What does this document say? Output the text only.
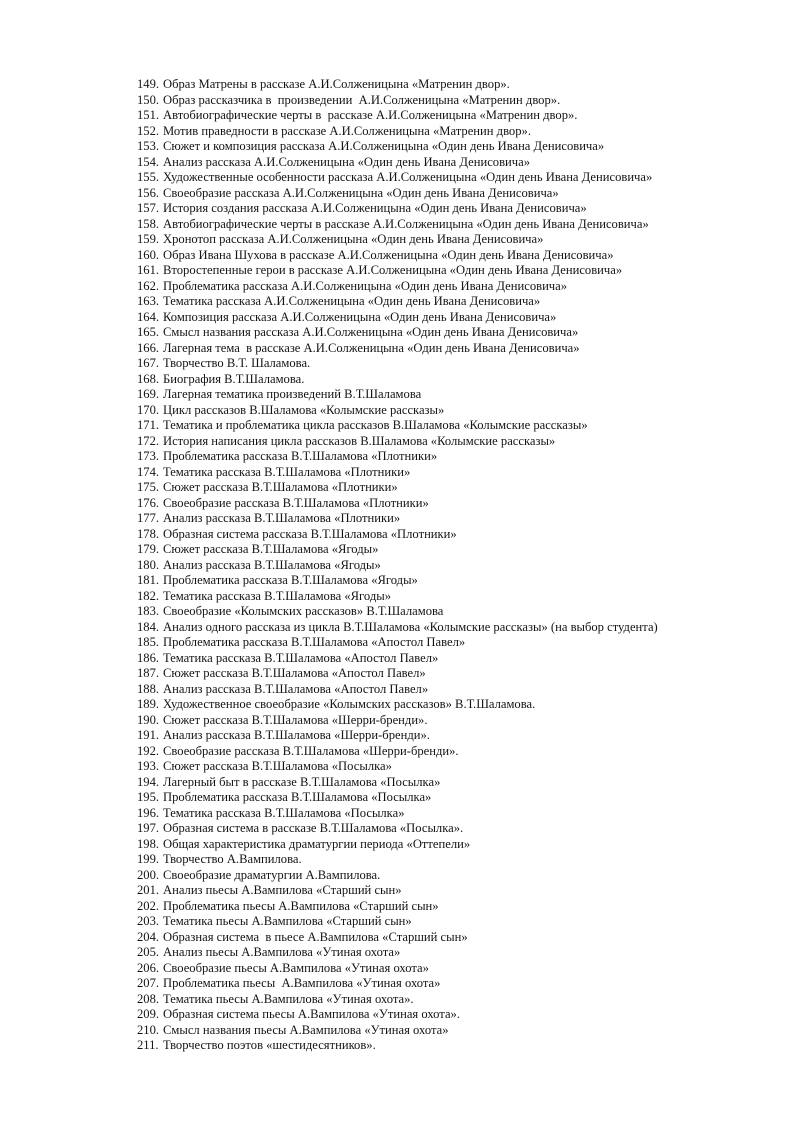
149. Образ Матрены в рассказе А.И.Солженицына «Матренин двор».
150. Образ рассказчика в  произведении  А.И.Солженицына «Матренин двор».
151. Автобиографические черты в  рассказе А.И.Солженицына «Матренин двор».
152. Мотив праведности в рассказе А.И.Солженицына «Матренин двор».
153. Сюжет и композиция рассказа А.И.Солженицына «Один день Ивана Денисовича»
154. Анализ рассказа А.И.Солженицына «Один день Ивана Денисовича»
155. Художественные особенности рассказа А.И.Солженицына «Один день Ивана Денисовича»
156. Своеобразие рассказа А.И.Солженицына «Один день Ивана Денисовича»
157. История создания рассказа А.И.Солженицына «Один день Ивана Денисовича»
158. Автобиографические черты в рассказе А.И.Солженицына «Один день Ивана Денисовича»
159. Хронотоп рассказа А.И.Солженицына «Один день Ивана Денисовича»
160. Образ Ивана Шухова в рассказе А.И.Солженицына «Один день Ивана Денисовича»
161. Второстепенные герои в рассказе А.И.Солженицына «Один день Ивана Денисовича»
162. Проблематика рассказа А.И.Солженицына «Один день Ивана Денисовича»
163. Тематика рассказа А.И.Солженицына «Один день Ивана Денисовича»
164. Композиция рассказа А.И.Солженицына «Один день Ивана Денисовича»
165. Смысл названия рассказа А.И.Солженицына «Один день Ивана Денисовича»
166. Лагерная тема  в рассказе А.И.Солженицына «Один день Ивана Денисовича»
167. Творчество В.Т. Шаламова.
168. Биография В.Т.Шаламова.
169. Лагерная тематика произведений В.Т.Шаламова
170. Цикл рассказов В.Шаламова «Колымские рассказы»
171. Тематика и проблематика цикла рассказов В.Шаламова «Колымские рассказы»
172. История написания цикла рассказов В.Шаламова «Колымские рассказы»
173. Проблематика рассказа В.Т.Шаламова «Плотники»
174. Тематика рассказа В.Т.Шаламова «Плотники»
175. Сюжет рассказа В.Т.Шаламова «Плотники»
176. Своеобразие рассказа В.Т.Шаламова «Плотники»
177. Анализ рассказа В.Т.Шаламова «Плотники»
178. Образная система рассказа В.Т.Шаламова «Плотники»
179. Сюжет рассказа В.Т.Шаламова «Ягоды»
180. Анализ рассказа В.Т.Шаламова «Ягоды»
181. Проблематика рассказа В.Т.Шаламова «Ягоды»
182. Тематика рассказа В.Т.Шаламова «Ягоды»
183. Своеобразие «Колымских рассказов» В.Т.Шаламова
184. Анализ одного рассказа из цикла В.Т.Шаламова «Колымские рассказы» (на выбор студента)
185. Проблематика рассказа В.Т.Шаламова «Апостол Павел»
186. Тематика рассказа В.Т.Шаламова «Апостол Павел»
187. Сюжет рассказа В.Т.Шаламова «Апостол Павел»
188. Анализ рассказа В.Т.Шаламова «Апостол Павел»
189. Художественное своеобразие «Колымских рассказов» В.Т.Шаламова.
190. Сюжет рассказа В.Т.Шаламова «Шерри-бренди».
191. Анализ рассказа В.Т.Шаламова «Шерри-бренди».
192. Своеобразие рассказа В.Т.Шаламова «Шерри-бренди».
193. Сюжет рассказа В.Т.Шаламова «Посылка»
194. Лагерный быт в рассказе В.Т.Шаламова «Посылка»
195. Проблематика рассказа В.Т.Шаламова «Посылка»
196. Тематика рассказа В.Т.Шаламова «Посылка»
197. Образная система в рассказе В.Т.Шаламова «Посылка».
198. Общая характеристика драматургии периода «Оттепели»
199. Творчество А.Вампилова.
200. Своеобразие драматургии А.Вампилова.
201. Анализ пьесы А.Вампилова «Старший сын»
202. Проблематика пьесы А.Вампилова «Старший сын»
203. Тематика пьесы А.Вампилова «Старший сын»
204. Образная система  в пьесе А.Вампилова «Старший сын»
205. Анализ пьесы А.Вампилова «Утиная охота»
206. Своеобразие пьесы А.Вампилова «Утиная охота»
207. Проблематика пьесы  А.Вампилова «Утиная охота»
208. Тематика пьесы А.Вампилова «Утиная охота».
209. Образная система пьесы А.Вампилова «Утиная охота».
210. Смысл названия пьесы А.Вампилова «Утиная охота»
211. Творчество поэтов «шестидесятников».
